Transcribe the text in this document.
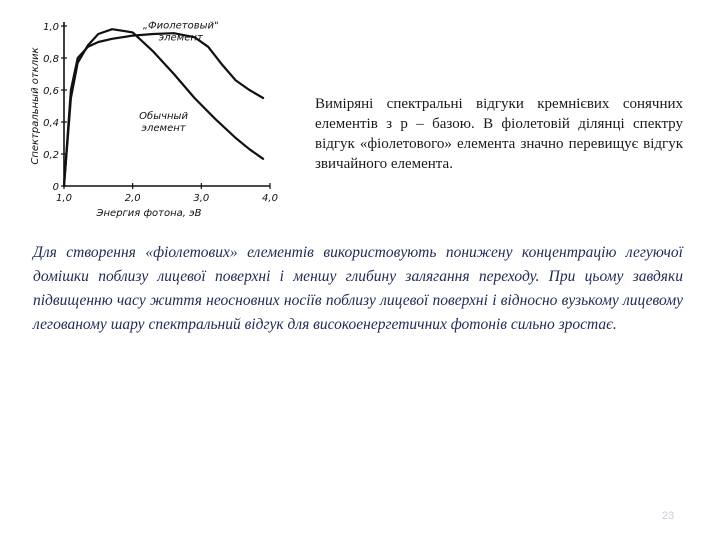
0
0,2
0,4
0,6
0,8
1,0
1,0	2,0	3,0	4,0
Энергия фотона, эВ
Спектральный отклик
„Фиолетовый" элемент
Обычный элемент
Виміряні спектральні відгуки кремнієвих сонячних елементів з p – базою. В фіолетовій ділянці спектру відгук «фіолетового» елемента значно перевищує відгук звичайного елемента.
Для створення «фіолетових» елементів використовують понижену концентрацію легуючої домішки поблизу лицевої поверхні і меншу глибину залягання переходу. При цьому завдяки підвищенню часу життя неосновних носіїв поблизу лицевої поверхні і відносно вузькому лицевому легованому шару спектральний відгук для високоенергетичних фотонів сильно зростає.
23
